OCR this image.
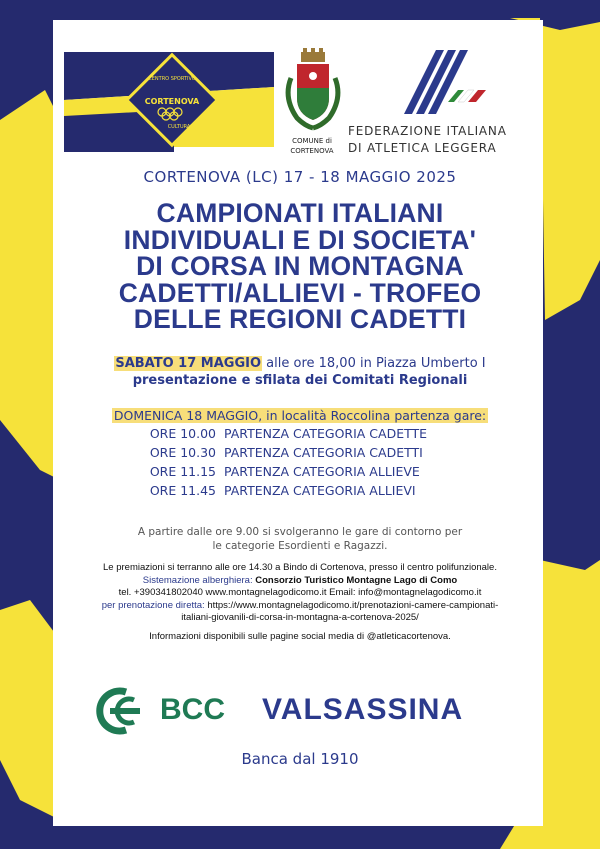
CENTRO SPORTIVO
CORTENOVA
CULTURALE
COMUNE di
CORTENOVA
FEDERAZIONE ITALIANA
DI ATLETICA LEGGERA
CORTENOVA (LC) 17 - 18 MAGGIO 2025
CAMPIONATI ITALIANI
INDIVIDUALI E DI SOCIETA'
DI CORSA IN MONTAGNA
CADETTI/ALLIEVI - TROFEO
DELLE REGIONI CADETTI
SABATO 17 MAGGIO alle ore 18,00 in Piazza Umberto I
presentazione e sfilata dei Comitati Regionali
DOMENICA 18 MAGGIO, in località Roccolina partenza gare:
ORE 10.00 PARTENZA CATEGORIA CADETTE
ORE 10.30 PARTENZA CATEGORIA CADETTI
ORE 11.15 PARTENZA CATEGORIA ALLIEVE
ORE 11.45 PARTENZA CATEGORIA ALLIEVI
A partire dalle ore 9.00 si svolgeranno le gare di contorno per
le categorie Esordienti e Ragazzi.
Le premiazioni si terranno alle ore 14.30 a Bindo di Cortenova, presso il centro polifunzionale.
Sistemazione alberghiera: Consorzio Turistico Montagne Lago di Como
tel. +390341802040 www.montagnelagodicomo.it Email: info@montagnelagodicomo.it
per prenotazione diretta: https://www.montagnelagodicomo.it/prenotazioni-camere-campionati-
italiani-giovanili-di-corsa-in-montagna-a-cortenova-2025/
Informazioni disponibili sulle pagine social media di @atleticacortenova.
BCC VALSASSINA
Banca dal 1910
